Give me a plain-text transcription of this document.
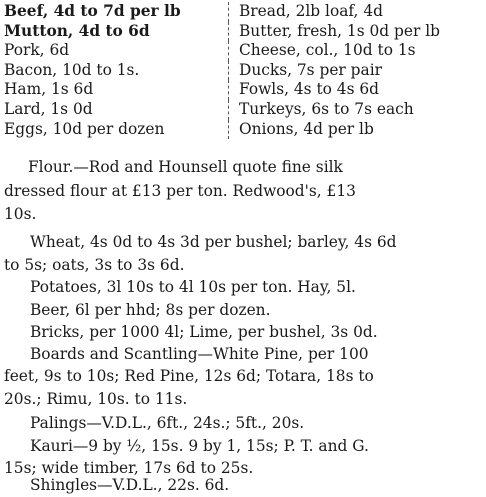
Beef, 4d to 7d per lb	Bread, 2lb loaf, 4d
Mutton, 4d to 6d	Butter, fresh, 1s 0d per lb
Pork, 6d	Cheese, col., 10d to 1s
Bacon, 10d to 1s.	Ducks, 7s per pair
Ham, 1s 6d	Fowls, 4s to 4s 6d
Lard, 1s 0d	Turkeys, 6s to 7s each
Eggs, 10d per dozen	Onions, 4d per lb

Flour.—Rod and Hounsell quote fine silk

dressed flour at £13 per ton. Redwood's, £13

10s.

Wheat, 4s 0d to 4s 3d per bushel; barley, 4s 6d

to 5s; oats, 3s to 3s 6d.

Potatoes, 3l 10s to 4l 10s per ton. Hay, 5l.

Beer, 6l per hhd; 8s per dozen.

Bricks, per 1000 4l; Lime, per bushel, 3s 0d.

Boards and Scantling—White Pine, per 100

feet, 9s to 10s; Red Pine, 12s 6d; Totara, 18s to

20s.; Rimu, 10s. to 11s.

Palings—V.D.L., 6ft., 24s.; 5ft., 20s.

Kauri—9 by ½, 15s. 9 by 1, 15s; P. T. and G.

15s; wide timber, 17s 6d to 25s.

Shingles—V.D.L., 22s. 6d.
